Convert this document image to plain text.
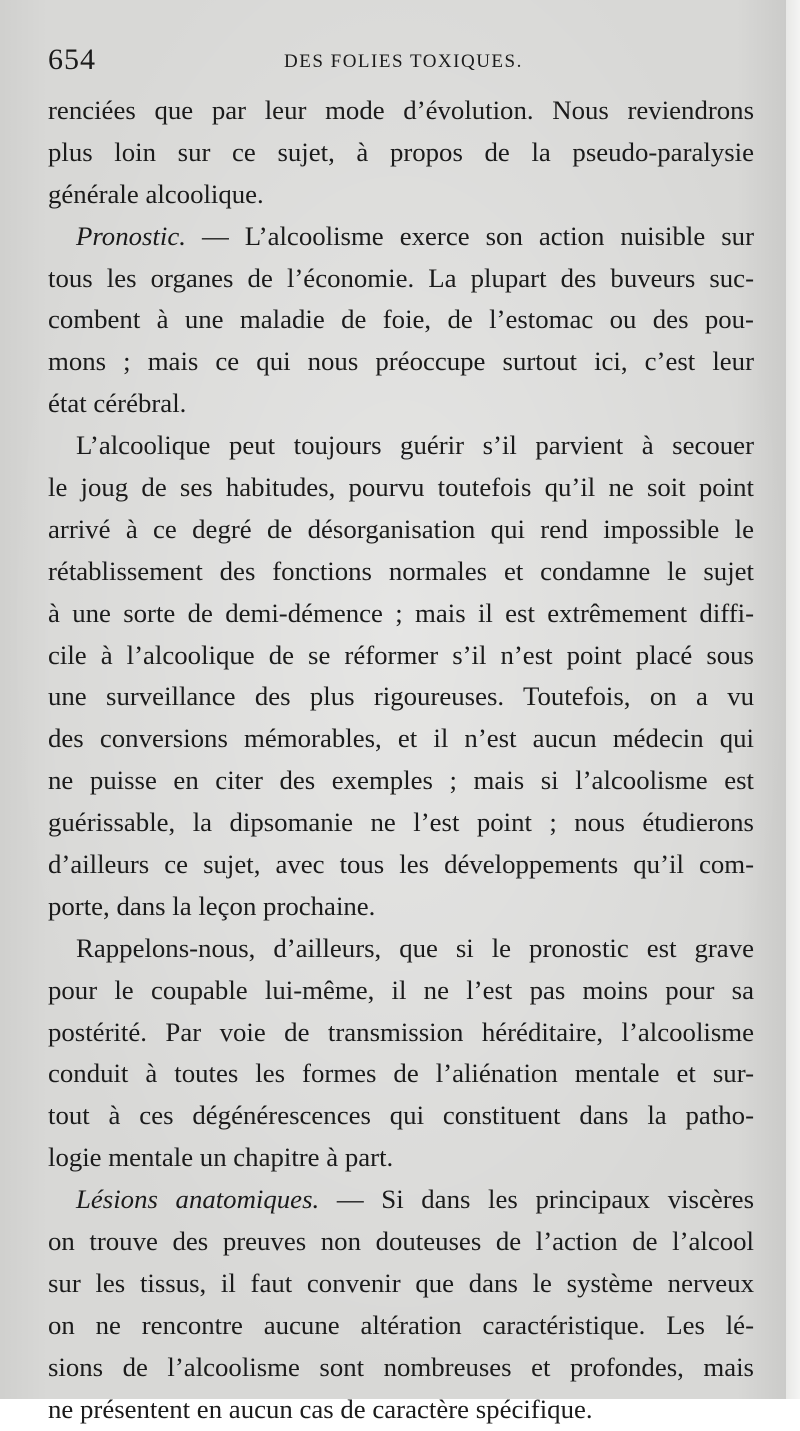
654	DES FOLIES TOXIQUES.
renciées que par leur mode d’évolution. Nous reviendrons
plus loin sur ce sujet, à propos de la pseudo-paralysie
générale alcoolique.
Pronostic. — L’alcoolisme exerce son action nuisible sur
tous les organes de l’économie. La plupart des buveurs suc-
combent à une maladie de foie, de l’estomac ou des pou-
mons ; mais ce qui nous préoccupe surtout ici, c’est leur
état cérébral.
L’alcoolique peut toujours guérir s’il parvient à secouer
le joug de ses habitudes, pourvu toutefois qu’il ne soit point
arrivé à ce degré de désorganisation qui rend impossible le
rétablissement des fonctions normales et condamne le sujet
à une sorte de demi-démence ; mais il est extrêmement diffi-
cile à l’alcoolique de se réformer s’il n’est point placé sous
une surveillance des plus rigoureuses. Toutefois, on a vu
des conversions mémorables, et il n’est aucun médecin qui
ne puisse en citer des exemples ; mais si l’alcoolisme est
guérissable, la dipsomanie ne l’est point ; nous étudierons
d’ailleurs ce sujet, avec tous les développements qu’il com-
porte, dans la leçon prochaine.
Rappelons-nous, d’ailleurs, que si le pronostic est grave
pour le coupable lui-même, il ne l’est pas moins pour sa
postérité. Par voie de transmission héréditaire, l’alcoolisme
conduit à toutes les formes de l’aliénation mentale et sur-
tout à ces dégénérescences qui constituent dans la patho-
logie mentale un chapitre à part.
Lésions anatomiques. — Si dans les principaux viscères
on trouve des preuves non douteuses de l’action de l’alcool
sur les tissus, il faut convenir que dans le système nerveux
on ne rencontre aucune altération caractéristique. Les lé-
sions de l’alcoolisme sont nombreuses et profondes, mais
ne présentent en aucun cas de caractère spécifique.
